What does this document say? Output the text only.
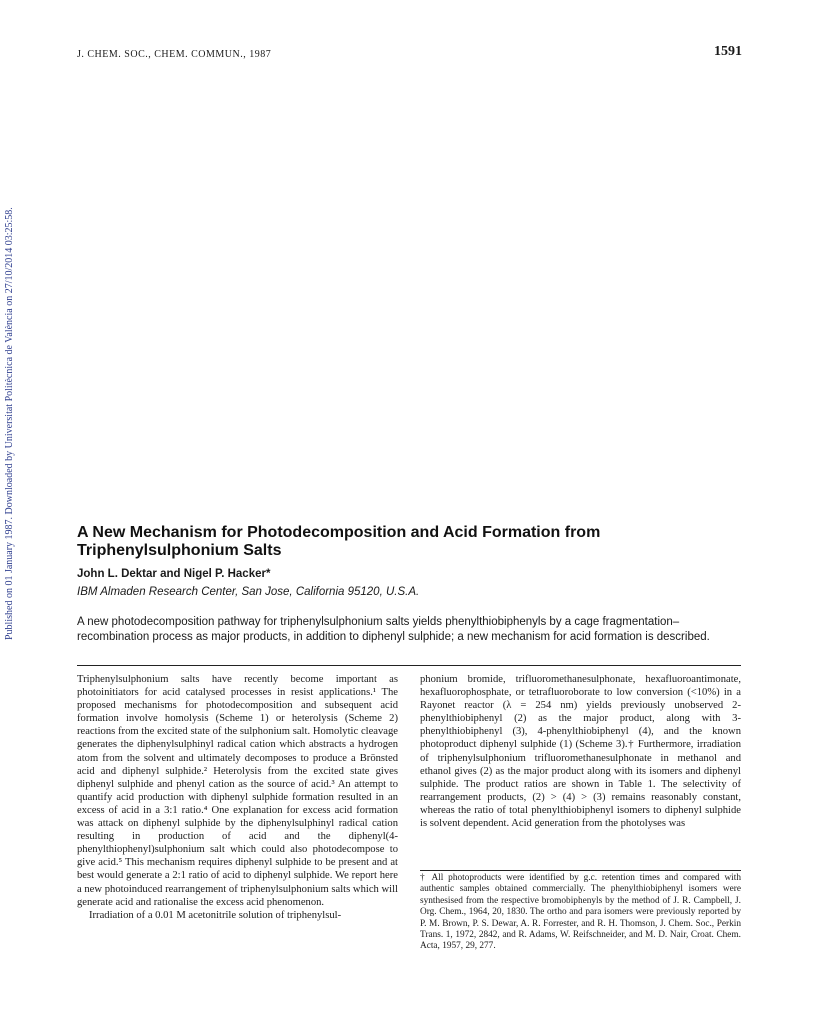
J. CHEM. SOC., CHEM. COMMUN., 1987	1591
Published on 01 January 1987. Downloaded by Universitat Politècnica de València on 27/10/2014 03:25:58.	A New Mechanism for Photodecomposition and Acid Formation from Triphenylsulphonium Salts
John L. Dektar and Nigel P. Hacker*
IBM Almaden Research Center, San Jose, California 95120, U.S.A.
A new photodecomposition pathway for triphenylsulphonium salts yields phenylthiobiphenyls by a cage fragmentation–recombination process as major products, in addition to diphenyl sulphide; a new mechanism for acid formation is described.

Triphenylsulphonium salts have recently become important as photoinitiators for acid catalysed processes in resist applications.¹ The proposed mechanisms for photodecomposition and subsequent acid formation involve homolysis (Scheme 1) or heterolysis (Scheme 2) reactions from the excited state of the sulphonium salt. Homolytic cleavage generates the diphenylsulphinyl radical cation which abstracts a hydrogen atom from the solvent and ultimately decomposes to produce a Brönsted acid and diphenyl sulphide.² Heterolysis from the excited state gives diphenyl sulphide and phenyl cation as the source of acid.³ An attempt to quantify acid production with diphenyl sulphide formation resulted in an excess of acid in a 3:1 ratio.⁴ One explanation for excess acid formation was attack on diphenyl sulphide by the diphenylsulphinyl radical cation resulting in production of acid and the diphenyl(4-phenylthiophenyl)sulphonium salt which could also photodecompose to give acid.⁵ This mechanism requires diphenyl sulphide to be present and at best would generate a 2:1 ratio of acid to diphenyl sulphide. We report here a new photoinduced rearrangement of triphenylsulphonium salts which will generate acid and rationalise the excess acid phenomenon.

Irradiation of a 0.01 M acetonitrile solution of triphenylsul-

phonium bromide, trifluoromethanesulphonate, hexafluoroantimonate, hexafluorophosphate, or tetrafluoroborate to low conversion (<10%) in a Rayonet reactor (λ = 254 nm) yields previously unobserved 2-phenylthiobiphenyl (2) as the major product, along with 3-phenylthiobiphenyl (3), 4-phenylthiobiphenyl (4), and the known photoproduct diphenyl sulphide (1) (Scheme 3).† Furthermore, irradiation of triphenylsulphonium trifluoromethanesulphonate in methanol and ethanol gives (2) as the major product along with its isomers and diphenyl sulphide. The product ratios are shown in Table 1. The selectivity of rearrangement products, (2) > (4) > (3) remains reasonably constant, whereas the ratio of total phenylthiobiphenyl isomers to diphenyl sulphide is solvent dependent. Acid generation from the photolyses was

† All photoproducts were identified by g.c. retention times and compared with authentic samples obtained commercially. The phenylthiobiphenyl isomers were synthesised from the respective bromobiphenyls by the method of J. R. Campbell, J. Org. Chem., 1964, 20, 1830. The ortho and para isomers were previously reported by P. M. Brown, P. S. Dewar, A. R. Forrester, and R. H. Thomson, J. Chem. Soc., Perkin Trans. 1, 1972, 2842, and R. Adams, W. Reifschneider, and M. D. Nair, Croat. Chem. Acta, 1957, 29, 277.
